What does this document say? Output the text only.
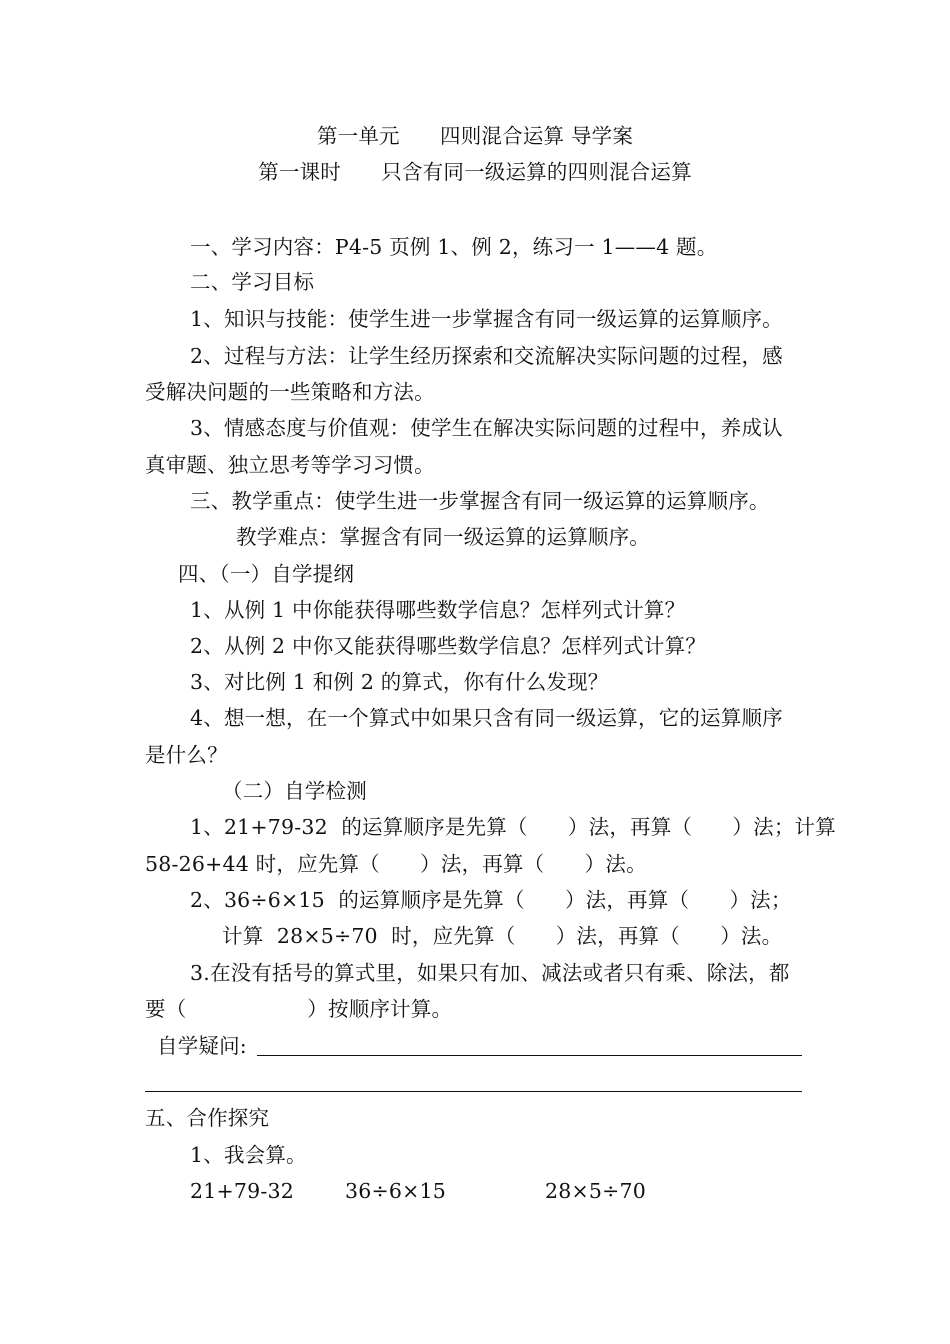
第一单元      四则混合运算 导学案
第一课时      只含有同一级运算的四则混合运算
一、学习内容：P4-5 页例 1、例 2，练习一 1——4 题。
二、学习目标
1、知识与技能：使学生进一步掌握含有同一级运算的运算顺序。
2、过程与方法：让学生经历探索和交流解决实际问题的过程，感
受解决问题的一些策略和方法。
3、情感态度与价值观：使学生在解决实际问题的过程中，养成认
真审题、独立思考等学习习惯。
三、教学重点：使学生进一步掌握含有同一级运算的运算顺序。
教学难点：掌握含有同一级运算的运算顺序。
四、（一）自学提纲
1、从例 1 中你能获得哪些数学信息？怎样列式计算？
2、从例 2 中你又能获得哪些数学信息？怎样列式计算？
3、对比例 1 和例 2 的算式，你有什么发现？
4、想一想，在一个算式中如果只含有同一级运算，它的运算顺序
是什么？
（二）自学检测
1、21+79-32  的运算顺序是先算（      ）法，再算（      ）法；计算
58-26+44 时，应先算（      ）法，再算（      ）法。
2、36÷6×15  的运算顺序是先算（      ）法，再算（      ）法；
计算  28×5÷70  时，应先算（      ）法，再算（      ）法。
3.在没有括号的算式里，如果只有加、减法或者只有乘、除法，都
要（                  ）按顺序计算。
自学疑问:
五、合作探究
1、我会算。
21+79-32 36÷6×15	28×5÷70
